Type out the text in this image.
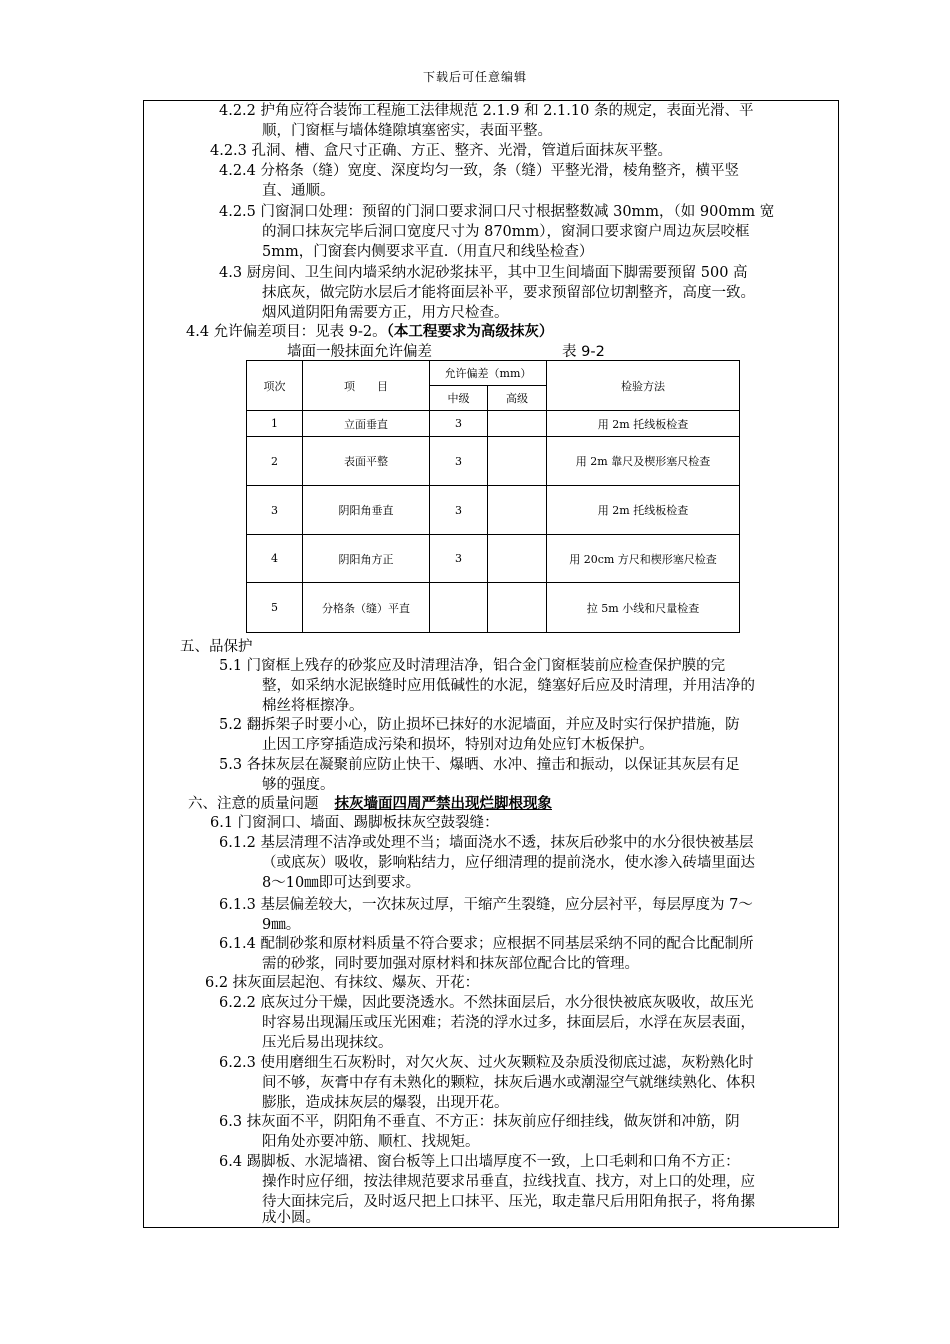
下载后可任意编辑
4.2.2 护角应符合装饰工程施工法律规范 2.1.9 和 2.1.10 条的规定，表面光滑、平
顺，门窗框与墙体缝隙填塞密实，表面平整。
4.2.3 孔洞、槽、盒尺寸正确、方正、整齐、光滑，管道后面抹灰平整。
4.2.4 分格条（缝）宽度、深度均匀一致，条（缝）平整光滑，棱角整齐，横平竖
直、通顺。
4.2.5 门窗洞口处理：预留的门洞口要求洞口尺寸根据整数减 30mm，（如 900mm 宽
的洞口抹灰完毕后洞口宽度尺寸为 870mm），窗洞口要求窗户周边灰层咬框
5mm，门窗套内侧要求平直.（用直尺和线坠检查）
4.3 厨房间、卫生间内墙采纳水泥砂浆抹平，其中卫生间墙面下脚需要预留 500 高
抹底灰，做完防水层后才能将面层补平，要求预留部位切割整齐，高度一致。
烟风道阴阳角需要方正，用方尺检查。
4.4 允许偏差项目：见表 9-2。（本工程要求为高级抹灰）
墙面一般抹面允许偏差	表 9-2
项次	项　　目	允许偏差（mm）		检验方法
		中级	高级	
1	立面垂直	3		用 2m 托线板检查
2	表面平整	3		用 2m 靠尺及楔形塞尺检查
3	阴阳角垂直	3		用 2m 托线板检查
4	阴阳角方正	3		用 20cm 方尺和楔形塞尺检查
5	分格条（缝）平直			拉 5m 小线和尺量检查
五、品保护
5.1 门窗框上残存的砂浆应及时清理洁净，铝合金门窗框装前应检查保护膜的完
整，如采纳水泥嵌缝时应用低碱性的水泥，缝塞好后应及时清理，并用洁净的
棉丝将框擦净。
5.2 翻拆架子时要小心，防止损坏已抹好的水泥墙面，并应及时实行保护措施，防
止因工序穿插造成污染和损坏，特别对边角处应钉木板保护。
5.3 各抹灰层在凝聚前应防止快干、爆晒、水冲、撞击和振动，以保证其灰层有足
够的强度。
六、注意的质量问题 抹灰墙面四周严禁出现烂脚根现象
6.1 门窗洞口、墙面、踢脚板抹灰空鼓裂缝：
6.1.2 基层清理不洁净或处理不当；墙面浇水不透，抹灰后砂浆中的水分很快被基层
（或底灰）吸收，影响粘结力，应仔细清理的提前浇水，使水渗入砖墙里面达
8～10㎜即可达到要求。
6.1.3 基层偏差较大，一次抹灰过厚，干缩产生裂缝，应分层衬平，每层厚度为 7～
9㎜。
6.1.4 配制砂浆和原材料质量不符合要求；应根据不同基层采纳不同的配合比配制所
需的砂浆，同时要加强对原材料和抹灰部位配合比的管理。
6.2 抹灰面层起泡、有抹纹、爆灰、开花：
6.2.2 底灰过分干燥，因此要浇透水。不然抹面层后，水分很快被底灰吸收，故压光
时容易出现漏压或压光困难；若浇的浮水过多，抹面层后，水浮在灰层表面，
压光后易出现抹纹。
6.2.3 使用磨细生石灰粉时，对欠火灰、过火灰颗粒及杂质没彻底过滤，灰粉熟化时
间不够，灰膏中存有未熟化的颗粒，抹灰后遇水或潮湿空气就继续熟化、体积
膨胀，造成抹灰层的爆裂，出现开花。
6.3 抹灰面不平，阴阳角不垂直、不方正：抹灰前应仔细挂线，做灰饼和冲筋，阴
阳角处亦要冲筋、顺杠、找规矩。
6.4 踢脚板、水泥墙裙、窗台板等上口出墙厚度不一致，上口毛刺和口角不方正：
操作时应仔细，按法律规范要求吊垂直，拉线找直、找方，对上口的处理，应
待大面抹完后，及时返尺把上口抹平、压光，取走靠尺后用阳角抿子，将角摞
成小圆。
